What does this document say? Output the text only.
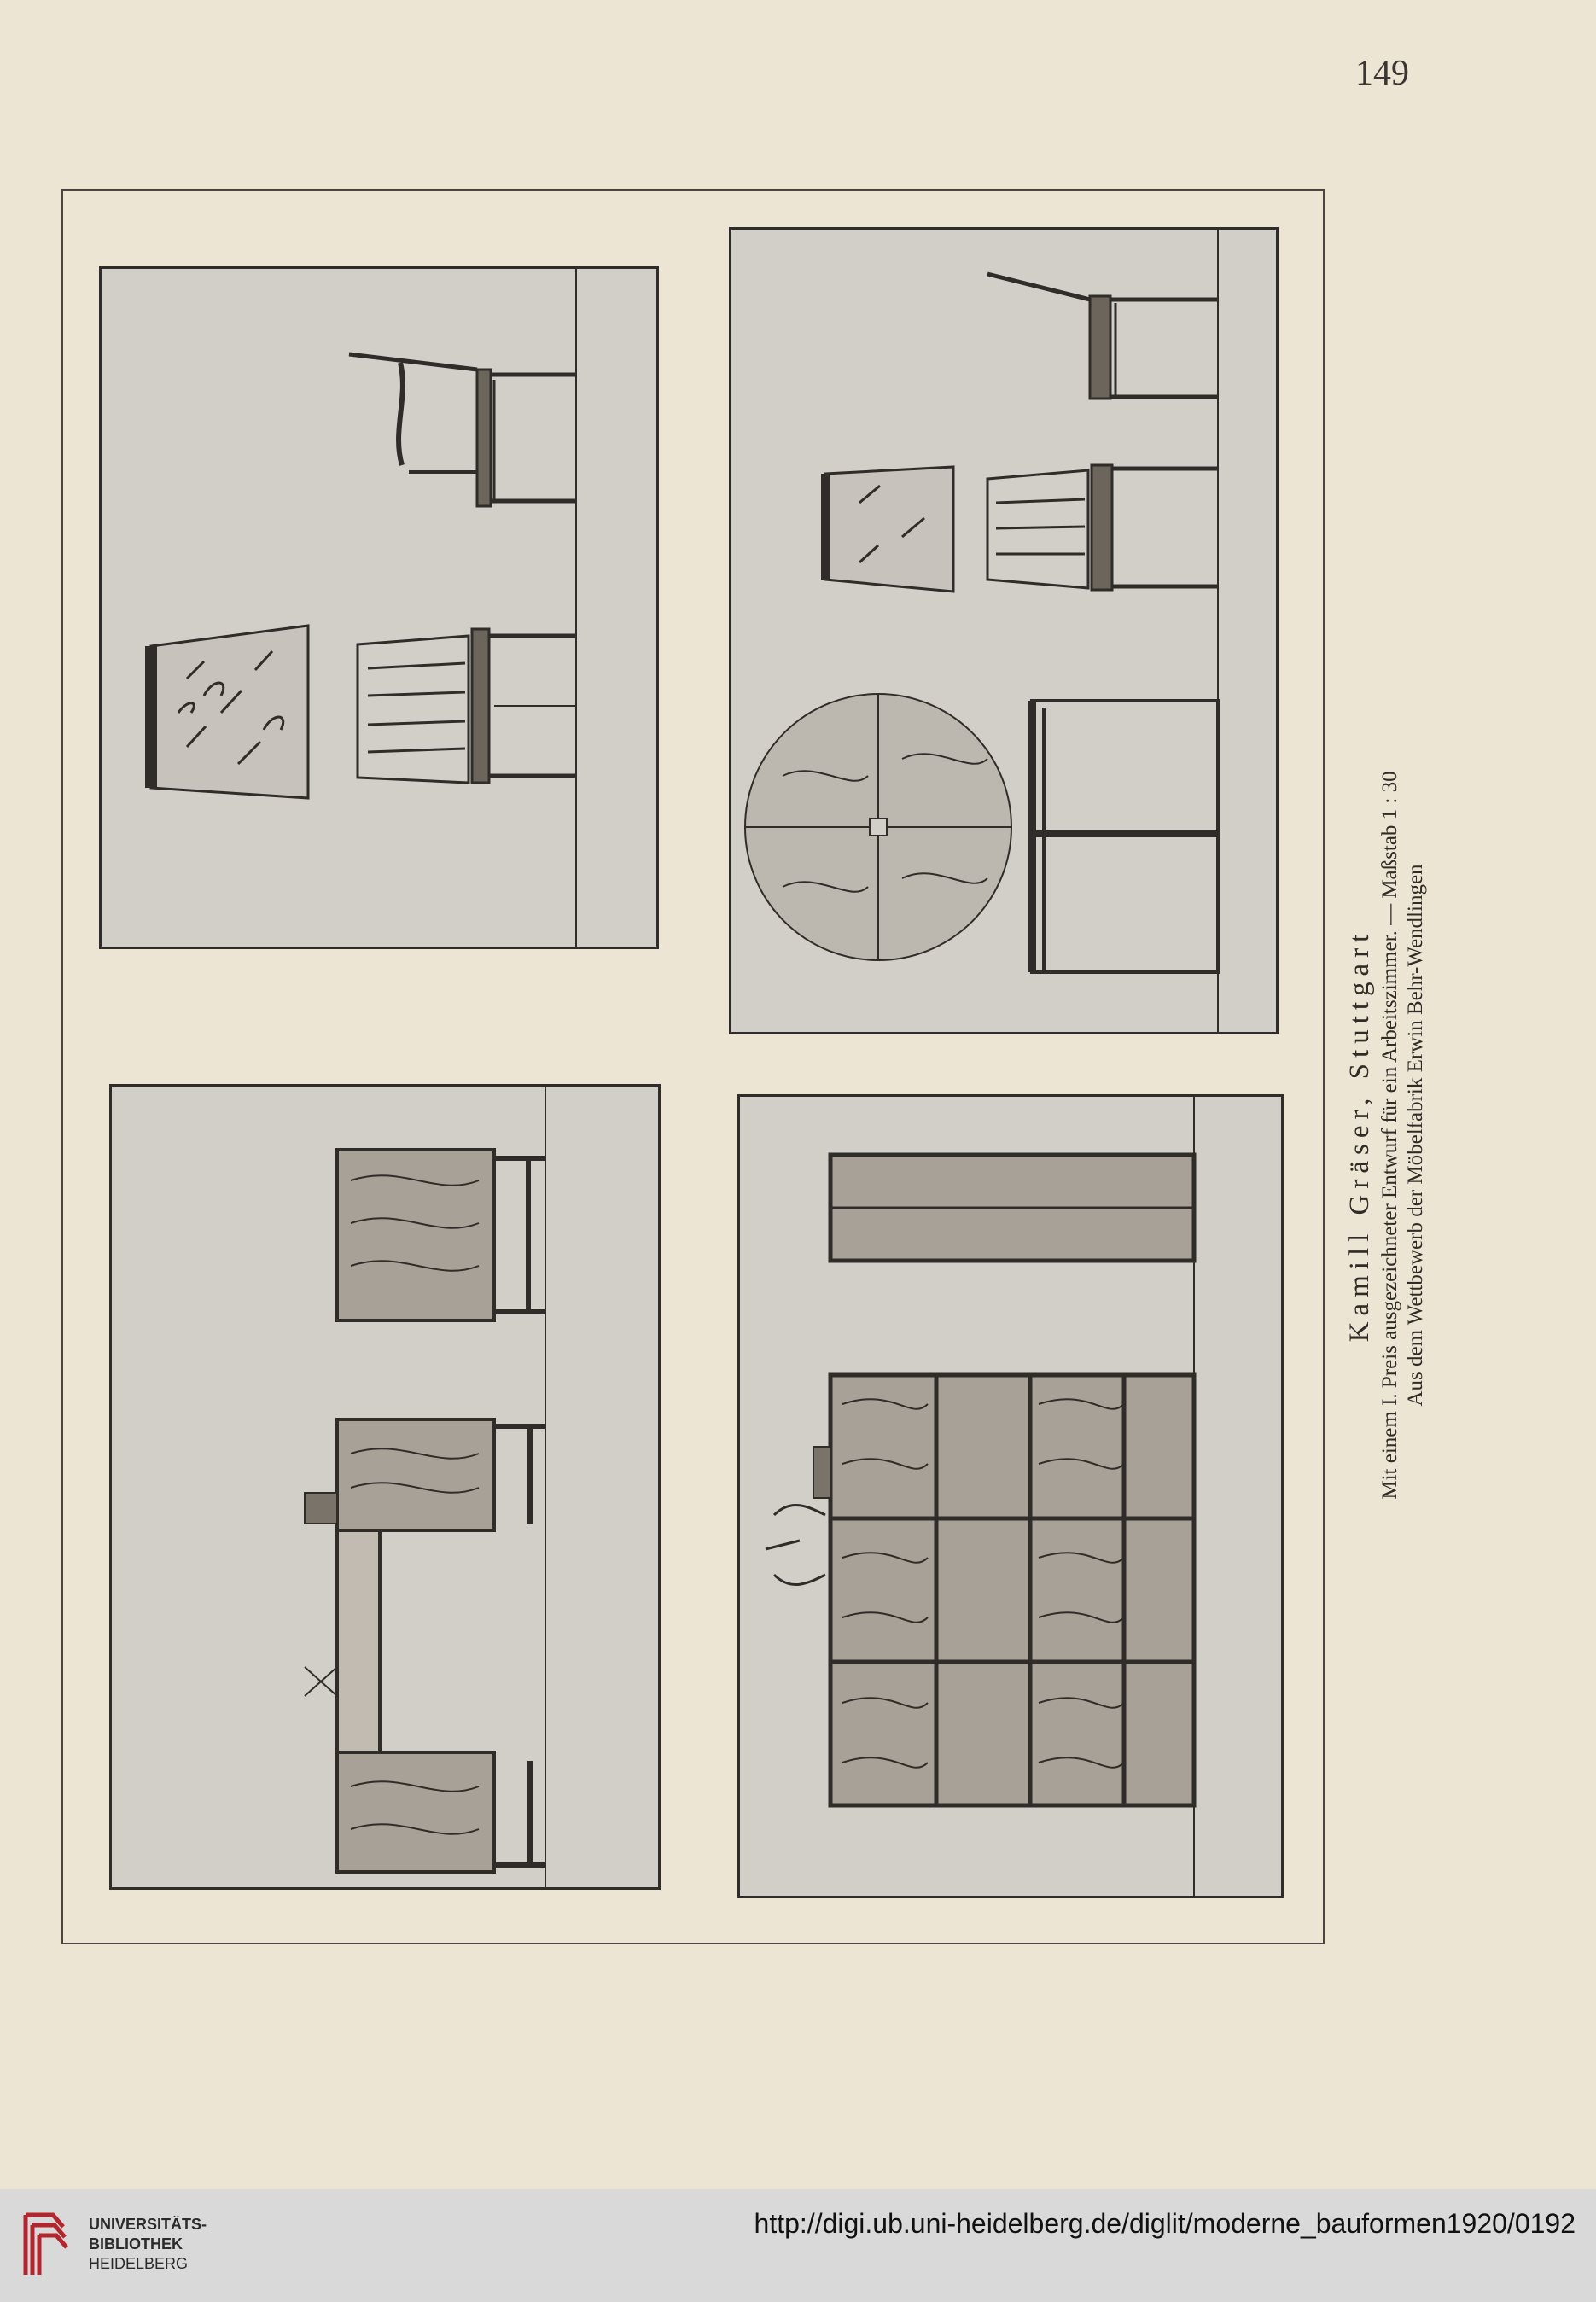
149
Kamill Gräser, Stuttgart Mit einem I. Preis ausgezeichneter Entwurf für ein Arbeitszimmer. — Maßstab 1 : 30 Aus dem Wettbewerb der Möbelfabrik Erwin Behr-Wendlingen
UNIVERSITÄTS-
BIBLIOTHEK
HEIDELBERG
http://digi.ub.uni-heidelberg.de/diglit/moderne_bauformen1920/0192
